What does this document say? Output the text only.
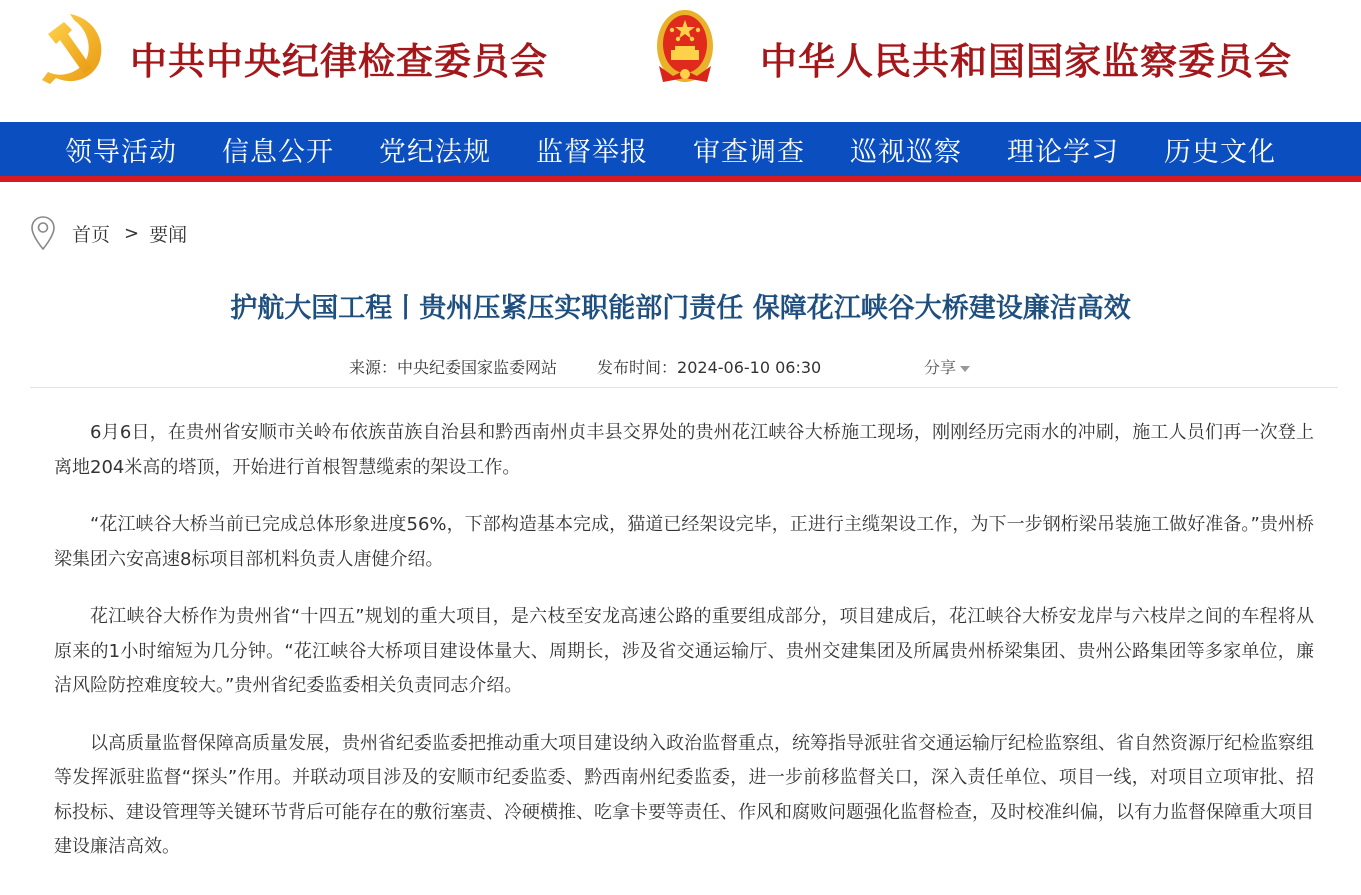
中共中央纪律检查委员会	中华人民共和国国家监察委员会
领导活动 信息公开 党纪法规 监督举报 审查调查 巡视巡察 理论学习 历史文化
首页 > 要闻
护航大国工程丨贵州压紧压实职能部门责任 保障花江峡谷大桥建设廉洁高效
来源：中央纪委国家监委网站	发布时间：2024-06-10 06:30	分享

6月6日，在贵州省安顺市关岭布依族苗族自治县和黔西南州贞丰县交界处的贵州花江峡谷大桥施工现场，刚刚经历完雨水的冲刷，施工人员们再一次登上离地204米高的塔顶，开始进行首根智慧缆索的架设工作。

“花江峡谷大桥当前已完成总体形象进度56%，下部构造基本完成，猫道已经架设完毕，正进行主缆架设工作，为下一步钢桁梁吊装施工做好准备。”贵州桥梁集团六安高速8标项目部机料负责人唐健介绍。

花江峡谷大桥作为贵州省“十四五”规划的重大项目，是六枝至安龙高速公路的重要组成部分，项目建成后，花江峡谷大桥安龙岸与六枝岸之间的车程将从原来的1小时缩短为几分钟。“花江峡谷大桥项目建设体量大、周期长，涉及省交通运输厅、贵州交建集团及所属贵州桥梁集团、贵州公路集团等多家单位，廉洁风险防控难度较大。”贵州省纪委监委相关负责同志介绍。

以高质量监督保障高质量发展，贵州省纪委监委把推动重大项目建设纳入政治监督重点，统筹指导派驻省交通运输厅纪检监察组、省自然资源厅纪检监察组等发挥派驻监督“探头”作用。并联动项目涉及的安顺市纪委监委、黔西南州纪委监委，进一步前移监督关口，深入责任单位、项目一线，对项目立项审批、招标投标、建设管理等关键环节背后可能存在的敷衍塞责、冷硬横推、吃拿卡要等责任、作风和腐败问题强化监督检查，及时校准纠偏，以有力监督保障重大项目建设廉洁高效。
